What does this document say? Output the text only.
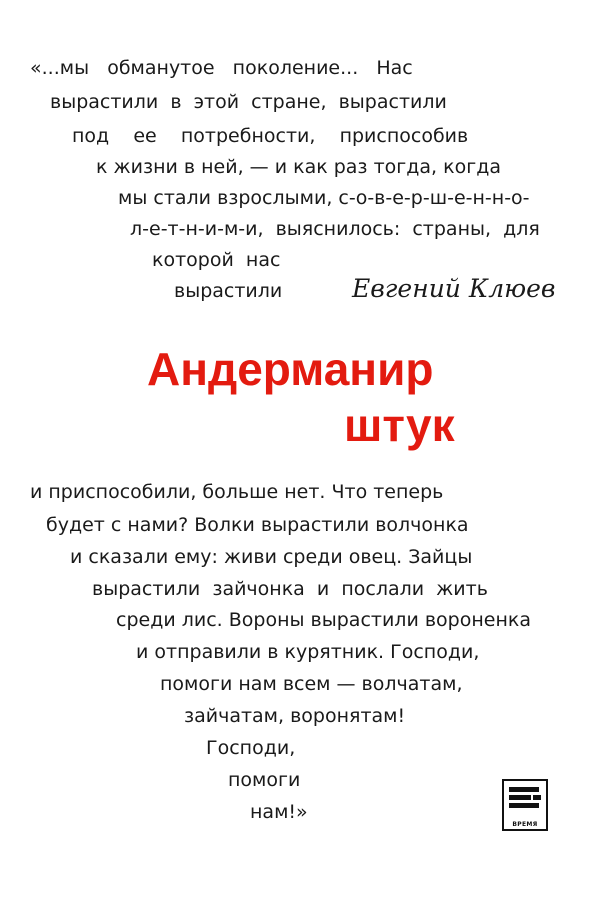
«...мы   обманутое   поколение...   Нас
вырастили  в  этой  стране,  вырастили
под    ее    потребности,    приспособив
к жизни в ней, — и как раз тогда, когда
мы стали взрослыми, с-о-в-е-р-ш-е-н-н-о-
л-е-т-н-и-м-и,  выяснилось:  страны,  для
которой  нас
вырастили	Евгений Клюев
Андерманир
штук
и приспособили, больше нет. Что теперь
будет с нами? Волки вырастили волчонка
и сказали ему: живи среди овец. Зайцы
вырастили  зайчонка  и  послали  жить
среди лис. Вороны вырастили вороненка
и отправили в курятник. Господи,
помоги нам всем — волчатам,
зайчатам, воронятам!
Господи,
помоги
нам!»
ВРЕМЯ
